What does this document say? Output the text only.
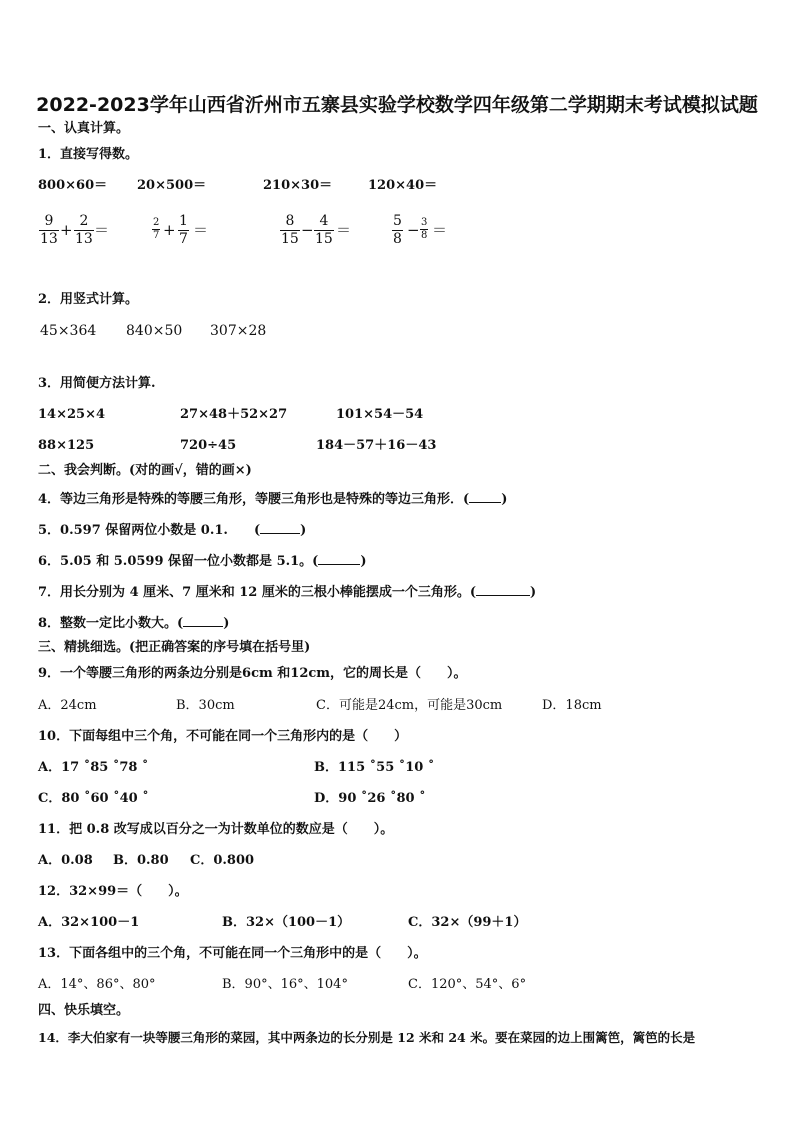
2022-2023学年山西省沂州市五寨县实验学校数学四年级第二学期期末考试模拟试题
一、认真计算。
1．直接写得数。
800×60＝ 20×500＝	210×30＝	120×40＝
$\frac{9}{13} + \frac{2}{13}$ ＝	$\frac{2}{7} + \frac{1}{7}$ ＝	$\frac{8}{15} - \frac{4}{15}$ ＝	$\frac{5}{8} - \frac{3}{8}$ ＝
2．用竖式计算。
45×364 840×50 307×28
3．用简便方法计算.
14×25×4	27×48＋52×27	101×54－54
88×125	720÷45	184－57＋16－43
二、我会判断。(对的画√，错的画×)
4．等边三角形是特殊的等腰三角形，等腰三角形也是特殊的等边三角形．( )
5．0.597 保留两位小数是 0.1.　　(	)
6．5.05 和 5.0599 保留一位小数都是 5.1。(	)
7．用长分别为 4 厘米、7 厘米和 12 厘米的三根小棒能摆成一个三角形。(	)
8．整数一定比小数大。(	)
三、精挑细选。(把正确答案的序号填在括号里)
9．一个等腰三角形的两条边分别是6cm 和12cm，它的周长是（　　）。
A．24cm	B．30cm	C．可能是24cm，可能是30cm	D．18cm
10．下面每组中三个角，不可能在同一个三角形内的是（　　）
A．17 ˚85 ˚78 ˚	B．115 ˚55 ˚10 ˚
C．80 ˚60 ˚40 ˚	D．90 ˚26 ˚80 ˚
11．把 0.8 改写成以百分之一为计数单位的数应是（　　）。
A．0.08 B．0.80 C．0.800
12．32×99＝（　　）。
A．32×100－1	B．32×（100－1）	C．32×（99＋1）
13．下面各组中的三个角，不可能在同一个三角形中的是（　　）。
A．14°、86°、80°	B．90°、16°、104°	C．120°、54°、6°
四、快乐填空。
14．李大伯家有一块等腰三角形的菜园，其中两条边的长分别是 12 米和 24 米。要在菜园的边上围篱笆，篱笆的长是
